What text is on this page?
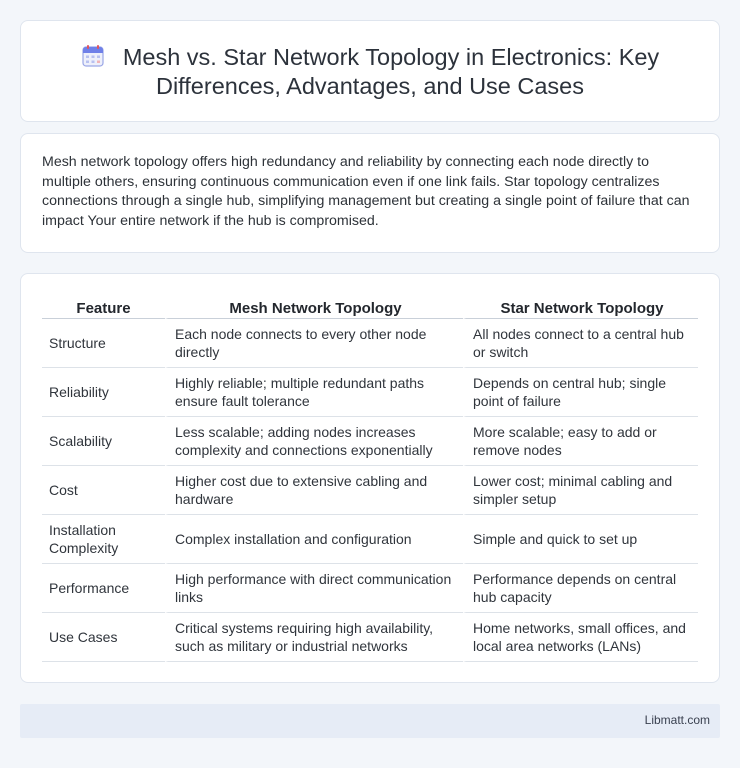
Mesh vs. Star Network Topology in Electronics: Key Differences, Advantages, and Use Cases

Mesh network topology offers high redundancy and reliability by connecting each node directly to multiple others, ensuring continuous communication even if one link fails. Star topology centralizes connections through a single hub, simplifying management but creating a single point of failure that can impact Your entire network if the hub is compromised.

Feature	Mesh Network Topology	Star Network Topology
Structure	Each node connects to every other node directly	All nodes connect to a central hub or switch
Reliability	Highly reliable; multiple redundant paths ensure fault tolerance	Depends on central hub; single point of failure
Scalability	Less scalable; adding nodes increases complexity and connections exponentially	More scalable; easy to add or remove nodes
Cost	Higher cost due to extensive cabling and hardware	Lower cost; minimal cabling and simpler setup
Installation Complexity	Complex installation and configuration	Simple and quick to set up
Performance	High performance with direct communication links	Performance depends on central hub capacity
Use Cases	Critical systems requiring high availability, such as military or industrial networks	Home networks, small offices, and local area networks (LANs)
Libmatt.com
